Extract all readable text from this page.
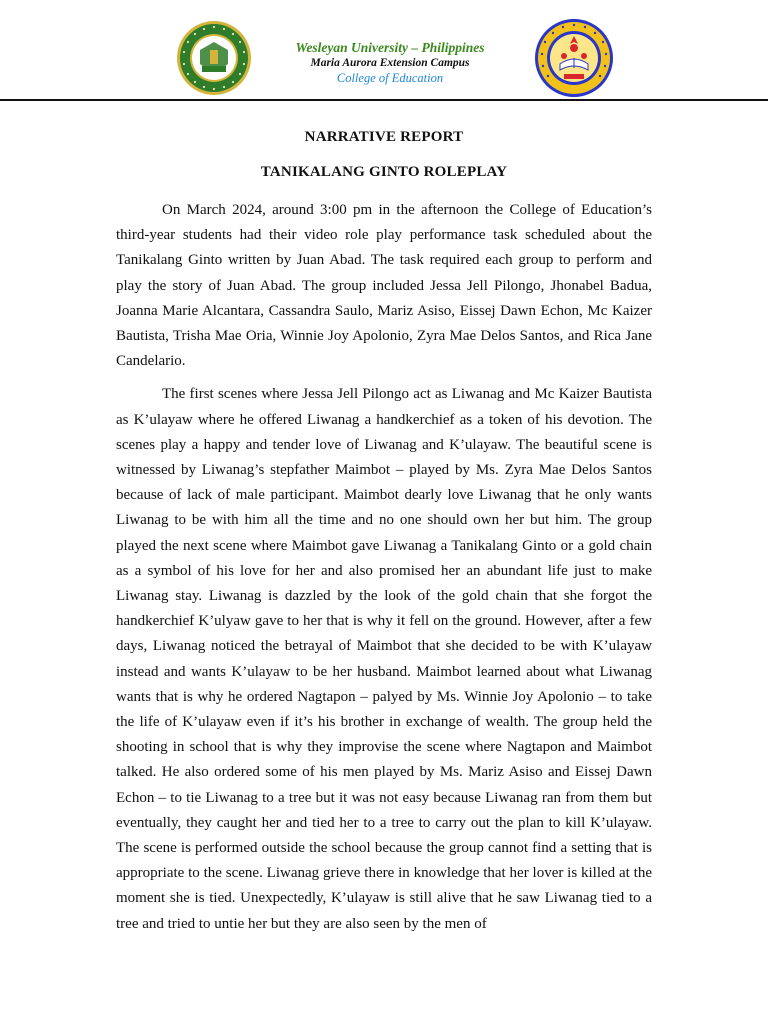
Wesleyan University – Philippines
Maria Aurora Extension Campus
College of Education
NARRATIVE REPORT
TANIKALANG GINTO ROLEPLAY

On March 2024, around 3:00 pm in the afternoon the College of Education’s third-year students had their video role play performance task scheduled about the Tanikalang Ginto written by Juan Abad. The task required each group to perform and play the story of Juan Abad. The group included Jessa Jell Pilongo, Jhonabel Badua, Joanna Marie Alcantara, Cassandra Saulo, Mariz Asiso, Eissej Dawn Echon, Mc Kaizer Bautista, Trisha Mae Oria, Winnie Joy Apolonio, Zyra Mae Delos Santos, and Rica Jane Candelario.

The first scenes where Jessa Jell Pilongo act as Liwanag and Mc Kaizer Bautista as K’ulayaw where he offered Liwanag a handkerchief as a token of his devotion. The scenes play a happy and tender love of Liwanag and K’ulayaw. The beautiful scene is witnessed by Liwanag’s stepfather Maimbot – played by Ms. Zyra Mae Delos Santos because of lack of male participant. Maimbot dearly love Liwanag that he only wants Liwanag to be with him all the time and no one should own her but him. The group played the next scene where Maimbot gave Liwanag a Tanikalang Ginto or a gold chain as a symbol of his love for her and also promised her an abundant life just to make Liwanag stay. Liwanag is dazzled by the look of the gold chain that she forgot the handkerchief K’ulyaw gave to her that is why it fell on the ground. However, after a few days, Liwanag noticed the betrayal of Maimbot that she decided to be with K’ulayaw instead and wants K’ulayaw to be her husband. Maimbot learned about what Liwanag wants that is why he ordered Nagtapon – palyed by Ms. Winnie Joy Apolonio – to take the life of K’ulayaw even if it’s his brother in exchange of wealth. The group held the shooting in school that is why they improvise the scene where Nagtapon and Maimbot talked. He also ordered some of his men played by Ms. Mariz Asiso and Eissej Dawn Echon – to tie Liwanag to a tree but it was not easy because Liwanag ran from them but eventually, they caught her and tied her to a tree to carry out the plan to kill K’ulayaw. The scene is performed outside the school because the group cannot find a setting that is appropriate to the scene. Liwanag grieve there in knowledge that her lover is killed at the moment she is tied. Unexpectedly, K’ulayaw is still alive that he saw Liwanag tied to a tree and tried to untie her but they are also seen by the men of
